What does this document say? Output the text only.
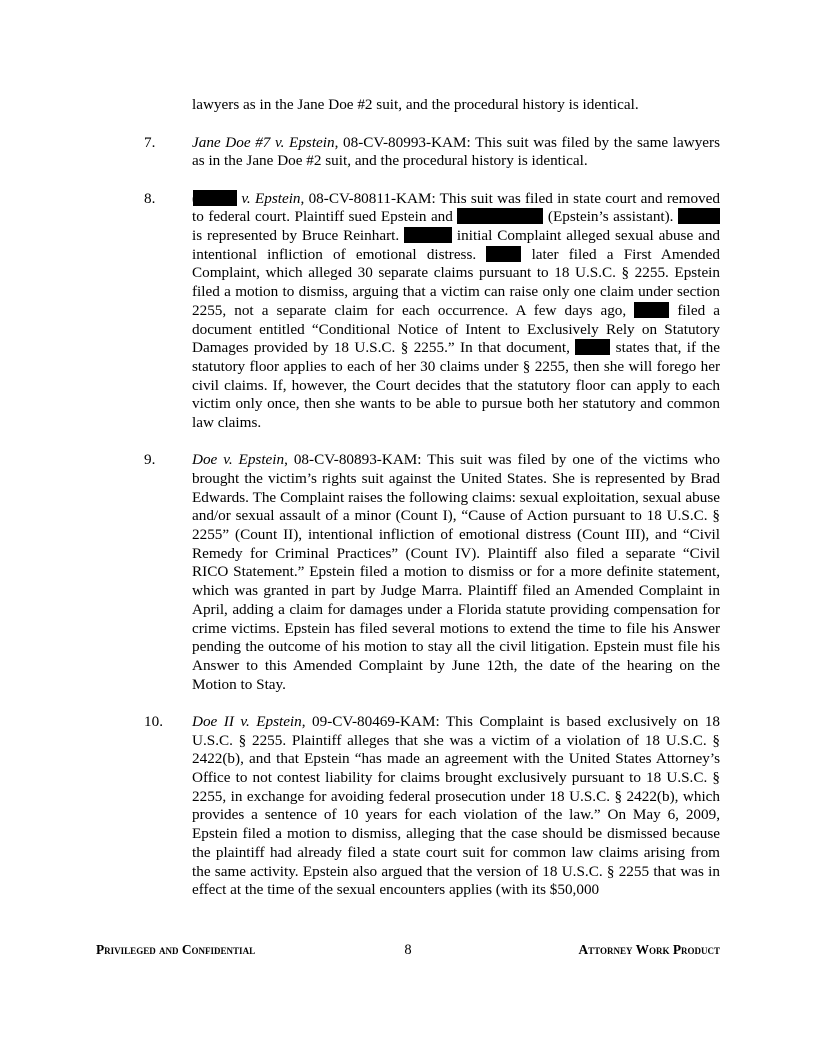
lawyers as in the Jane Doe #2 suit, and the procedural history is identical.

7. Jane Doe #7 v. Epstein, 08-CV-80993-KAM: This suit was filed by the same lawyers as in the Jane Doe #2 suit, and the procedural history is identical.
8.	v. Epstein, 08-CV-80811-KAM: This suit was filed in state court and removed to federal court. Plaintiff sued Epstein and	(Epstein’s assistant).  is represented by Bruce Reinhart.	initial Complaint alleged sexual abuse and intentional infliction of emotional distress.  later filed a First Amended Complaint, which alleged 30 separate claims pursuant to 18 U.S.C. § 2255. Epstein filed a motion to dismiss, arguing that a victim can raise only one claim under section 2255, not a separate claim for each occurrence. A few days ago,  filed a document entitled “Conditional Notice of Intent to Exclusively Rely on Statutory Damages provided by 18 U.S.C. § 2255.” In that document,  states that, if the statutory floor applies to each of her 30 claims under § 2255, then she will forego her civil claims. If, however, the Court decides that the statutory floor can apply to each victim only once, then she wants to be able to pursue both her statutory and common law claims.
9. Doe v. Epstein, 08-CV-80893-KAM: This suit was filed by one of the victims who brought the victim’s rights suit against the United States. She is represented by Brad Edwards. The Complaint raises the following claims: sexual exploitation, sexual abuse and/or sexual assault of a minor (Count I), “Cause of Action pursuant to 18 U.S.C. § 2255” (Count II), intentional infliction of emotional distress (Count III), and “Civil Remedy for Criminal Practices” (Count IV). Plaintiff also filed a separate “Civil RICO Statement.” Epstein filed a motion to dismiss or for a more definite statement, which was granted in part by Judge Marra. Plaintiff filed an Amended Complaint in April, adding a claim for damages under a Florida statute providing compensation for crime victims. Epstein has filed several motions to extend the time to file his Answer pending the outcome of his motion to stay all the civil litigation. Epstein must file his Answer to this Amended Complaint by June 12th, the date of the hearing on the Motion to Stay.
10. Doe II v. Epstein, 09-CV-80469-KAM: This Complaint is based exclusively on 18 U.S.C. § 2255. Plaintiff alleges that she was a victim of a violation of 18 U.S.C. § 2422(b), and that Epstein “has made an agreement with the United States Attorney’s Office to not contest liability for claims brought exclusively pursuant to 18 U.S.C. § 2255, in exchange for avoiding federal prosecution under 18 U.S.C. § 2422(b), which provides a sentence of 10 years for each violation of the law.” On May 6, 2009, Epstein filed a motion to dismiss, alleging that the case should be dismissed because the plaintiff had already filed a state court suit for common law claims arising from the same activity. Epstein also argued that the version of 18 U.S.C. § 2255 that was in effect at the time of the sexual encounters applies (with its $50,000
Privileged and Confidential	8	Attorney Work Product
